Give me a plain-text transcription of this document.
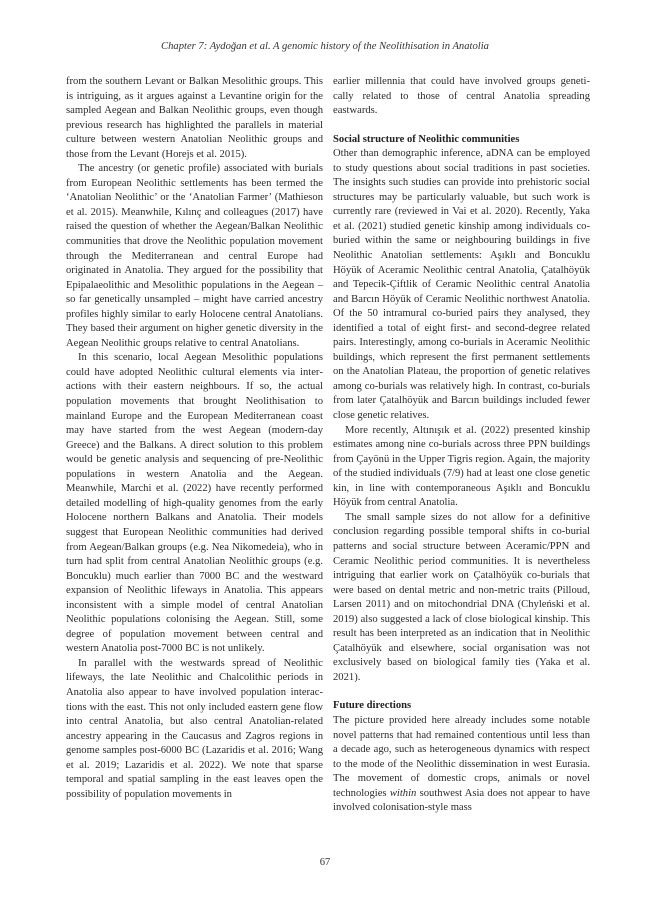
Chapter 7: Aydoğan et al. A genomic history of the Neolithisation in Anatolia

from the southern Levant or Balkan Mesolithic groups. This is intriguing, as it argues against a Levantine origin for the sampled Aegean and Balkan Neolithic groups, even though previous research has highlighted the parallels in material culture between western Anatolian Neolithic groups and those from the Levant (Horejs et al. 2015).

The ancestry (or genetic profile) associated with burials from European Neolithic settlements has been termed the ‘Anatolian Neolithic’ or the ‘Anatolian Farmer’ (Mathieson et al. 2015). Meanwhile, Kılınç and colleagues (2017) have raised the question of whether the Aegean/Balkan Neolithic communities that drove the Neolithic population movement through the Mediterranean and central Europe had originated in Anatolia. They argued for the possibility that Epipalaeolithic and Mesolithic populations in the Aegean – so far genetically unsampled – might have carried ancestry profiles highly similar to early Holocene central Anatolians. They based their argument on higher genetic diversity in the Aegean Neolithic groups relative to central Anatolians.

In this scenario, local Aegean Mesolithic populations could have adopted Neolithic cultural elements via interactions with their eastern neighbours. If so, the actual population movements that brought Neolithisation to mainland Europe and the European Mediterranean coast may have started from the west Aegean (modern-day Greece) and the Balkans. A direct solution to this problem would be genetic analysis and sequencing of pre-Neolithic populations in western Anatolia and the Aegean. Meanwhile, Marchi et al. (2022) have recently performed detailed modelling of high-quality genomes from the early Holocene northern Balkans and Anatolia. Their models suggest that European Neolithic communities had derived from Aegean/Balkan groups (e.g. Nea Nikomedeia), who in turn had split from central Anatolian Neolithic groups (e.g. Boncuklu) much earlier than 7000 BC and the westward expansion of Neolithic lifeways in Anatolia. This appears inconsistent with a simple model of central Anatolian Neolithic populations colonising the Aegean. Still, some degree of population movement between central and western Anatolia post-7000 BC is not unlikely.

In parallel with the westwards spread of Neolithic lifeways, the late Neolithic and Chalcolithic periods in Anatolia also appear to have involved population interactions with the east. This not only included eastern gene flow into central Anatolia, but also central Anatolian-related ancestry appearing in the Caucasus and Zagros regions in genome samples post-6000 BC (Lazaridis et al. 2016; Wang et al. 2019; Lazaridis et al. 2022). We note that sparse temporal and spatial sampling in the east leaves open the possibility of population movements in

earlier millennia that could have involved groups genetically related to those of central Anatolia spreading eastwards.

Social structure of Neolithic communities

Other than demographic inference, aDNA can be employed to study questions about social traditions in past societies. The insights such studies can provide into prehistoric social structures may be particularly valuable, but such work is currently rare (reviewed in Vai et al. 2020). Recently, Yaka et al. (2021) studied genetic kinship among individuals co-buried within the same or neighbouring buildings in five Neolithic Anatolian settlements: Aşıklı and Boncuklu Höyük of Aceramic Neolithic central Anatolia, Çatalhöyük and Tepecik-Çiftlik of Ceramic Neolithic central Anatolia and Barcın Höyük of Ceramic Neolithic northwest Anatolia. Of the 50 intramural co-buried pairs they analysed, they identified a total of eight first- and second-degree related pairs. Interestingly, among co-burials in Aceramic Neolithic buildings, which represent the first permanent settlements on the Anatolian Plateau, the proportion of genetic relatives among co-burials was relatively high. In contrast, co-burials from later Çatalhöyük and Barcın buildings included fewer close genetic relatives.

More recently, Altınışık et al. (2022) presented kinship estimates among nine co-burials across three PPN buildings from Çayönü in the Upper Tigris region. Again, the majority of the studied individuals (7/9) had at least one close genetic kin, in line with contemporaneous Aşıklı and Boncuklu Höyük from central Anatolia.

The small sample sizes do not allow for a definitive conclusion regarding possible temporal shifts in co-burial patterns and social structure between Aceramic/PPN and Ceramic Neolithic period communities. It is nevertheless intriguing that earlier work on Çatalhöyük co-burials that were based on dental metric and non-metric traits (Pilloud, Larsen 2011) and on mitochondrial DNA (Chyleński et al. 2019) also suggested a lack of close biological kinship. This result has been interpreted as an indication that in Neolithic Çatalhöyük and elsewhere, social organisation was not exclusively based on biological family ties (Yaka et al. 2021).

Future directions

The picture provided here already includes some notable novel patterns that had remained contentious until less than a decade ago, such as heterogeneous dynamics with respect to the mode of the Neolithic dissemination in west Eurasia. The movement of domestic crops, animals or novel technologies within southwest Asia does not appear to have involved colonisation-style mass

67
